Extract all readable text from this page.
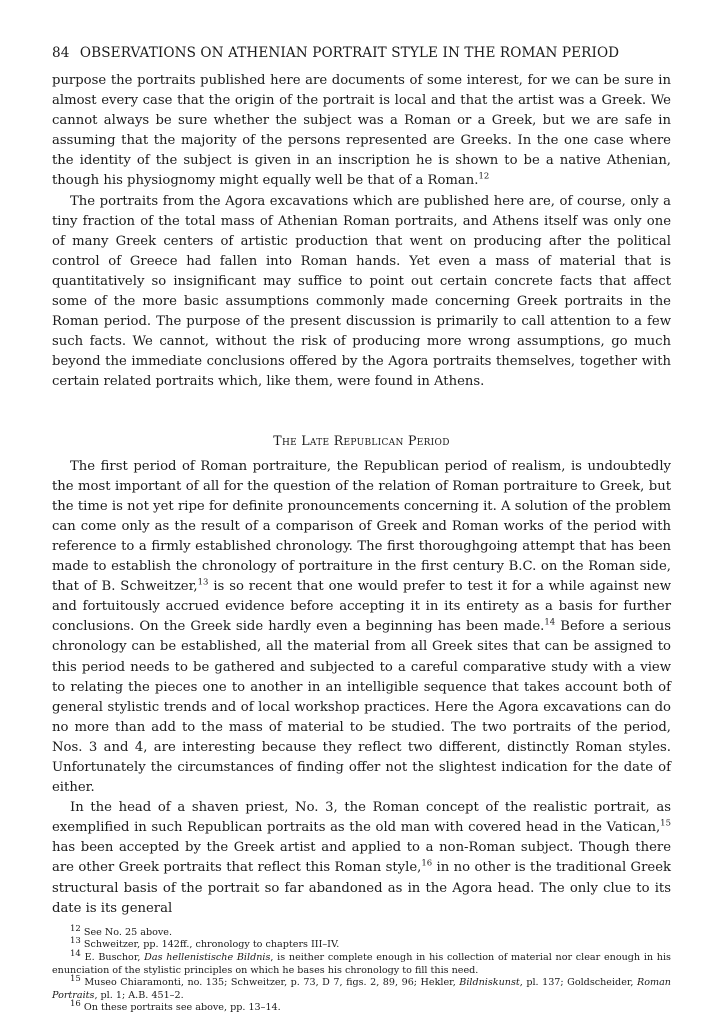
84 OBSERVATIONS ON ATHENIAN PORTRAIT STYLE IN THE ROMAN PERIOD

purpose the portraits published here are documents of some interest, for we can be sure in almost every case that the origin of the portrait is local and that the artist was a Greek. We cannot always be sure whether the subject was a Roman or a Greek, but we are safe in assuming that the majority of the persons represented are Greeks. In the one case where the identity of the subject is given in an inscription he is shown to be a native Athenian, though his physiognomy might equally well be that of a Roman.$^{12}$

The portraits from the Agora excavations which are published here are, of course, only a tiny fraction of the total mass of Athenian Roman portraits, and Athens itself was only one of many Greek centers of artistic production that went on producing after the political control of Greece had fallen into Roman hands. Yet even a mass of material that is quantitatively so insignificant may suffice to point out certain concrete facts that affect some of the more basic assumptions commonly made concerning Greek portraits in the Roman period. The purpose of the present discussion is primarily to call attention to a few such facts. We cannot, without the risk of producing more wrong assumptions, go much beyond the immediate conclusions offered by the Agora portraits themselves, together with certain related portraits which, like them, were found in Athens.

The Late Republican Period

The first period of Roman portraiture, the Republican period of realism, is undoubtedly the most important of all for the question of the relation of Roman portraiture to Greek, but the time is not yet ripe for definite pronouncements concerning it. A solution of the problem can come only as the result of a comparison of Greek and Roman works of the period with reference to a firmly established chronology. The first thoroughgoing attempt that has been made to establish the chronology of portraiture in the first century B.C. on the Roman side, that of B. Schweitzer,$^{13}$ is so recent that one would prefer to test it for a while against new and fortuitously accrued evidence before accepting it in its entirety as a basis for further conclusions. On the Greek side hardly even a beginning has been made.$^{14}$ Before a serious chronology can be established, all the material from all Greek sites that can be assigned to this period needs to be gathered and subjected to a careful comparative study with a view to relating the pieces one to another in an intelligible sequence that takes account both of general stylistic trends and of local workshop practices. Here the Agora excavations can do no more than add to the mass of material to be studied. The two portraits of the period, Nos. 3 and 4, are interesting because they reflect two different, distinctly Roman styles. Unfortunately the circumstances of finding offer not the slightest indication for the date of either.

In the head of a shaven priest, No. 3, the Roman concept of the realistic portrait, as exemplified in such Republican portraits as the old man with covered head in the Vatican,$^{15}$ has been accepted by the Greek artist and applied to a non-Roman subject. Though there are other Greek portraits that reflect this Roman style,$^{16}$ in no other is the traditional Greek structural basis of the portrait so far abandoned as in the Agora head. The only clue to its date is its general

$^{12}$ See No. 25 above.

$^{13}$ Schweitzer, pp. 142ff., chronology to chapters III–IV.

$^{14}$ E. Buschor, Das hellenistische Bildnis, is neither complete enough in his collection of material nor clear enough in his enunciation of the stylistic principles on which he bases his chronology to fill this need.

$^{15}$ Museo Chiaramonti, no. 135; Schweitzer, p. 73, D 7, figs. 2, 89, 96; Hekler, Bildniskunst, pl. 137; Goldscheider, Roman Portraits, pl. 1; A.B. 451–2.

$^{16}$ On these portraits see above, pp. 13–14.
